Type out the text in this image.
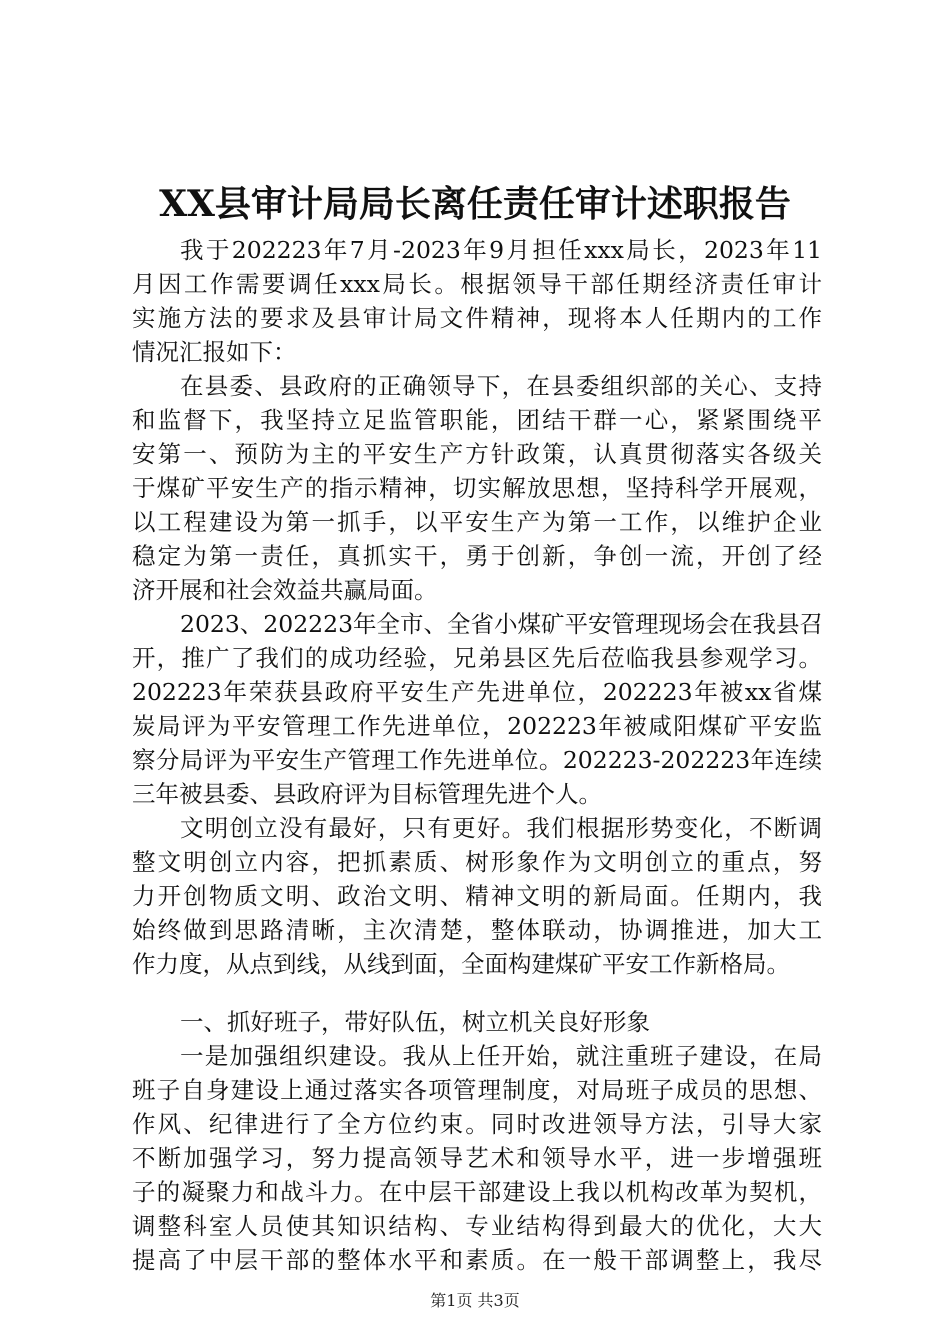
XX县审计局局长离任责任审计述职报告
我于202223年7月-2023年9月担任xxx局长，2023年11
月因工作需要调任xxx局长。根据领导干部任期经济责任审计
实施方法的要求及县审计局文件精神，现将本人任期内的工作
情况汇报如下：
在县委、县政府的正确领导下，在县委组织部的关心、支持
和监督下，我坚持立足监管职能，团结干群一心，紧紧围绕平
安第一、预防为主的平安生产方针政策，认真贯彻落实各级关
于煤矿平安生产的指示精神，切实解放思想，坚持科学开展观，
以工程建设为第一抓手，以平安生产为第一工作，以维护企业
稳定为第一责任，真抓实干，勇于创新，争创一流，开创了经
济开展和社会效益共赢局面。
2023、202223年全市、全省小煤矿平安管理现场会在我县召
开，推广了我们的成功经验，兄弟县区先后莅临我县参观学习。
202223年荣获县政府平安生产先进单位，202223年被xx省煤
炭局评为平安管理工作先进单位，202223年被咸阳煤矿平安监
察分局评为平安生产管理工作先进单位。202223-202223年连续
三年被县委、县政府评为目标管理先进个人。
文明创立没有最好，只有更好。我们根据形势变化，不断调
整文明创立内容，把抓素质、树形象作为文明创立的重点，努
力开创物质文明、政治文明、精神文明的新局面。任期内，我
始终做到思路清晰，主次清楚，整体联动，协调推进，加大工
作力度，从点到线，从线到面，全面构建煤矿平安工作新格局。
一、抓好班子，带好队伍，树立机关良好形象
一是加强组织建设。我从上任开始，就注重班子建设，在局
班子自身建设上通过落实各项管理制度，对局班子成员的思想、
作风、纪律进行了全方位约束。同时改进领导方法，引导大家
不断加强学习，努力提高领导艺术和领导水平，进一步增强班
子的凝聚力和战斗力。在中层干部建设上我以机构改革为契机，
调整科室人员使其知识结构、专业结构得到最大的优化，大大
提高了中层干部的整体水平和素质。在一般干部调整上，我尽
第1页 共3页
